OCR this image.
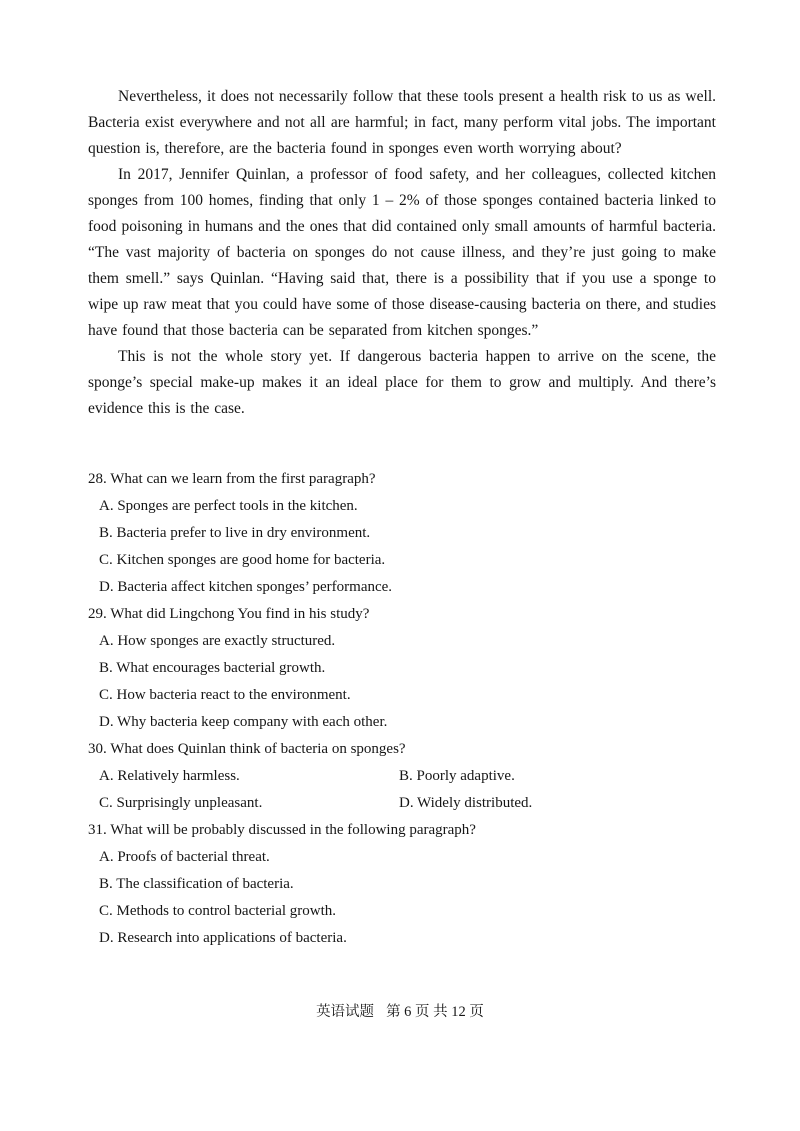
Nevertheless, it does not necessarily follow that these tools present a health risk to us as well. Bacteria exist everywhere and not all are harmful; in fact, many perform vital jobs. The important question is, therefore, are the bacteria found in sponges even worth worrying about?

In 2017, Jennifer Quinlan, a professor of food safety, and her colleagues, collected kitchen sponges from 100 homes, finding that only 1 – 2% of those sponges contained bacteria linked to food poisoning in humans and the ones that did contained only small amounts of harmful bacteria. “The vast majority of bacteria on sponges do not cause illness, and they’re just going to make them smell.” says Quinlan. “Having said that, there is a possibility that if you use a sponge to wipe up raw meat that you could have some of those disease-causing bacteria on there, and studies have found that those bacteria can be separated from kitchen sponges.”

This is not the whole story yet. If dangerous bacteria happen to arrive on the scene, the sponge’s special make-up makes it an ideal place for them to grow and multiply. And there’s evidence this is the case.

28. What can we learn from the first paragraph?

A. Sponges are perfect tools in the kitchen.

B. Bacteria prefer to live in dry environment.

C. Kitchen sponges are good home for bacteria.

D. Bacteria affect kitchen sponges’ performance.

29. What did Lingchong You find in his study?

A. How sponges are exactly structured.

B. What encourages bacterial growth.

C. How bacteria react to the environment.

D. Why bacteria keep company with each other.

30. What does Quinlan think of bacteria on sponges?

A. Relatively harmless.	B. Poorly adaptive.

C. Surprisingly unpleasant.	D. Widely distributed.

31. What will be probably discussed in the following paragraph?

A. Proofs of bacterial threat.

B. The classification of bacteria.

C. Methods to control bacterial growth.

D. Research into applications of bacteria.

英语试题 第 6 页 共 12 页
